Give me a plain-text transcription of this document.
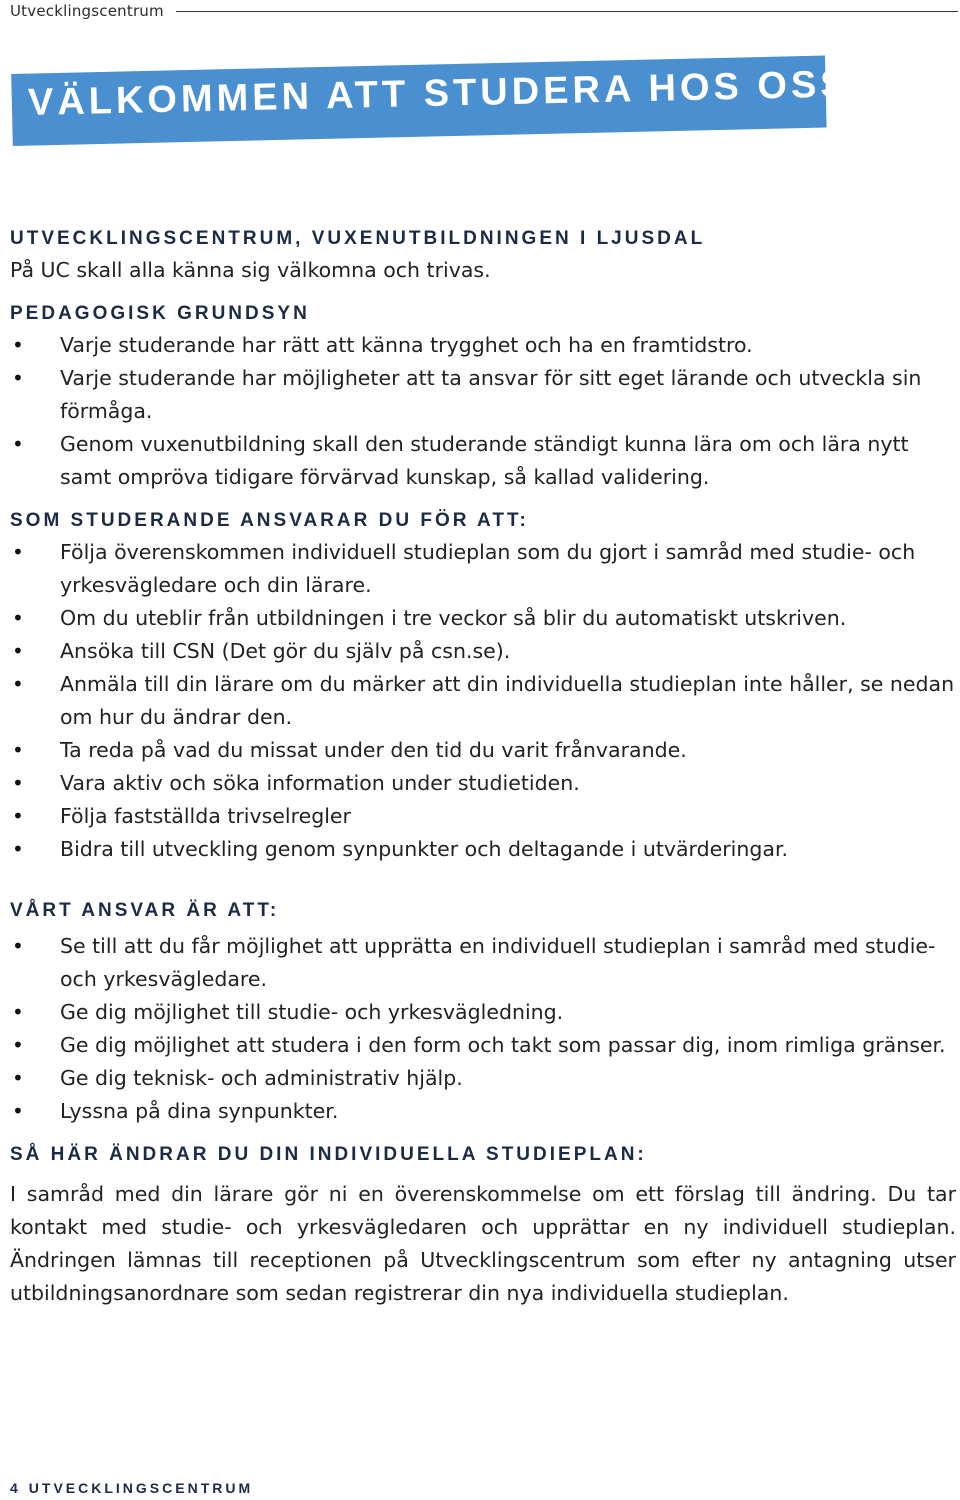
Utvecklingscentrum
VÄLKOMMEN ATT STUDERA HOS OSS
UTVECKLINGSCENTRUM, VUXENUTBILDNINGEN I LJUSDAL

På UC skall alla känna sig välkomna och trivas.

PEDAGOGISK GRUNDSYN
• Varje studerande har rätt att känna trygghet och ha en framtidstro.
• Varje studerande har möjligheter att ta ansvar för sitt eget lärande och utveckla sin förmåga.
• Genom vuxenutbildning skall den studerande ständigt kunna lära om och lära nytt samt ompröva tidigare förvärvad kunskap, så kallad validering.
SOM STUDERANDE ANSVARAR DU FÖR ATT:
• Följa överenskommen individuell studieplan som du gjort i samråd med studie- och yrkesvägledare och din lärare.
• Om du uteblir från utbildningen i tre veckor så blir du automatiskt utskriven.
• Ansöka till CSN (Det gör du själv på csn.se).
• Anmäla till din lärare om du märker att din individuella studieplan inte håller, se nedan om hur du ändrar den.
• Ta reda på vad du missat under den tid du varit frånvarande.
• Vara aktiv och söka information under studietiden.
• Följa fastställda trivselregler
• Bidra till utveckling genom synpunkter och deltagande i utvärderingar.
VÅRT ANSVAR ÄR ATT:
• Se till att du får möjlighet att upprätta en individuell studieplan i samråd med studie- och yrkesvägledare.
• Ge dig möjlighet till studie- och yrkesvägledning.
• Ge dig möjlighet att studera i den form och takt som passar dig, inom rimliga gränser.
• Ge dig teknisk- och administrativ hjälp.
• Lyssna på dina synpunkter.
SÅ HÄR ÄNDRAR DU DIN INDIVIDUELLA STUDIEPLAN:

I samråd med din lärare gör ni en överenskommelse om ett förslag till ändring. Du tar kontakt med studie- och yrkesvägledaren och upprättar en ny individuell studieplan. Ändringen lämnas till receptionen på Utvecklingscentrum som efter ny antagning utser utbildningsanordnare som sedan registrerar din nya individuella studieplan.

4 UTVECKLINGSCENTRUM
